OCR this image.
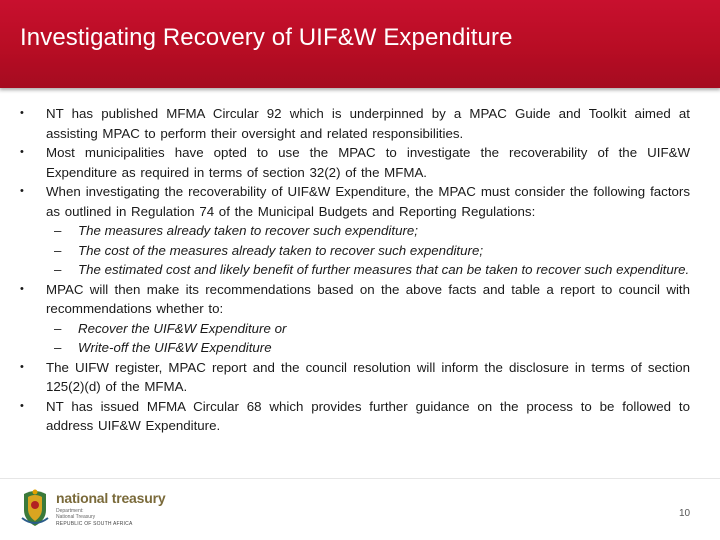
Investigating Recovery of UIF&W Expenditure
• NT has published MFMA Circular 92 which is underpinned by a MPAC Guide and Toolkit aimed at assisting MPAC to perform their oversight and related responsibilities.
• Most municipalities have opted to use the MPAC to investigate the recoverability of the UIF&W Expenditure as required in terms of section 32(2) of the MFMA.
• When investigating the recoverability of UIF&W Expenditure, the MPAC must consider the following factors as outlined in Regulation 74 of the Municipal Budgets and Reporting Regulations:
– The measures already taken to recover such expenditure;
– The cost of the measures already taken to recover such expenditure;
– The estimated cost and likely benefit of further measures that can be taken to recover such expenditure.
• MPAC will then make its recommendations based on the above facts and table a report to council with recommendations whether to:
– Recover the UIF&W Expenditure or
– Write-off the UIF&W Expenditure
• The UIFW register, MPAC report and the council resolution will inform the disclosure in terms of section 125(2)(d) of the MFMA.
• NT has issued MFMA Circular 68 which provides further guidance on the process to be followed to address UIF&W Expenditure.
national treasury
Department:
National Treasury
REPUBLIC OF SOUTH AFRICA
10
